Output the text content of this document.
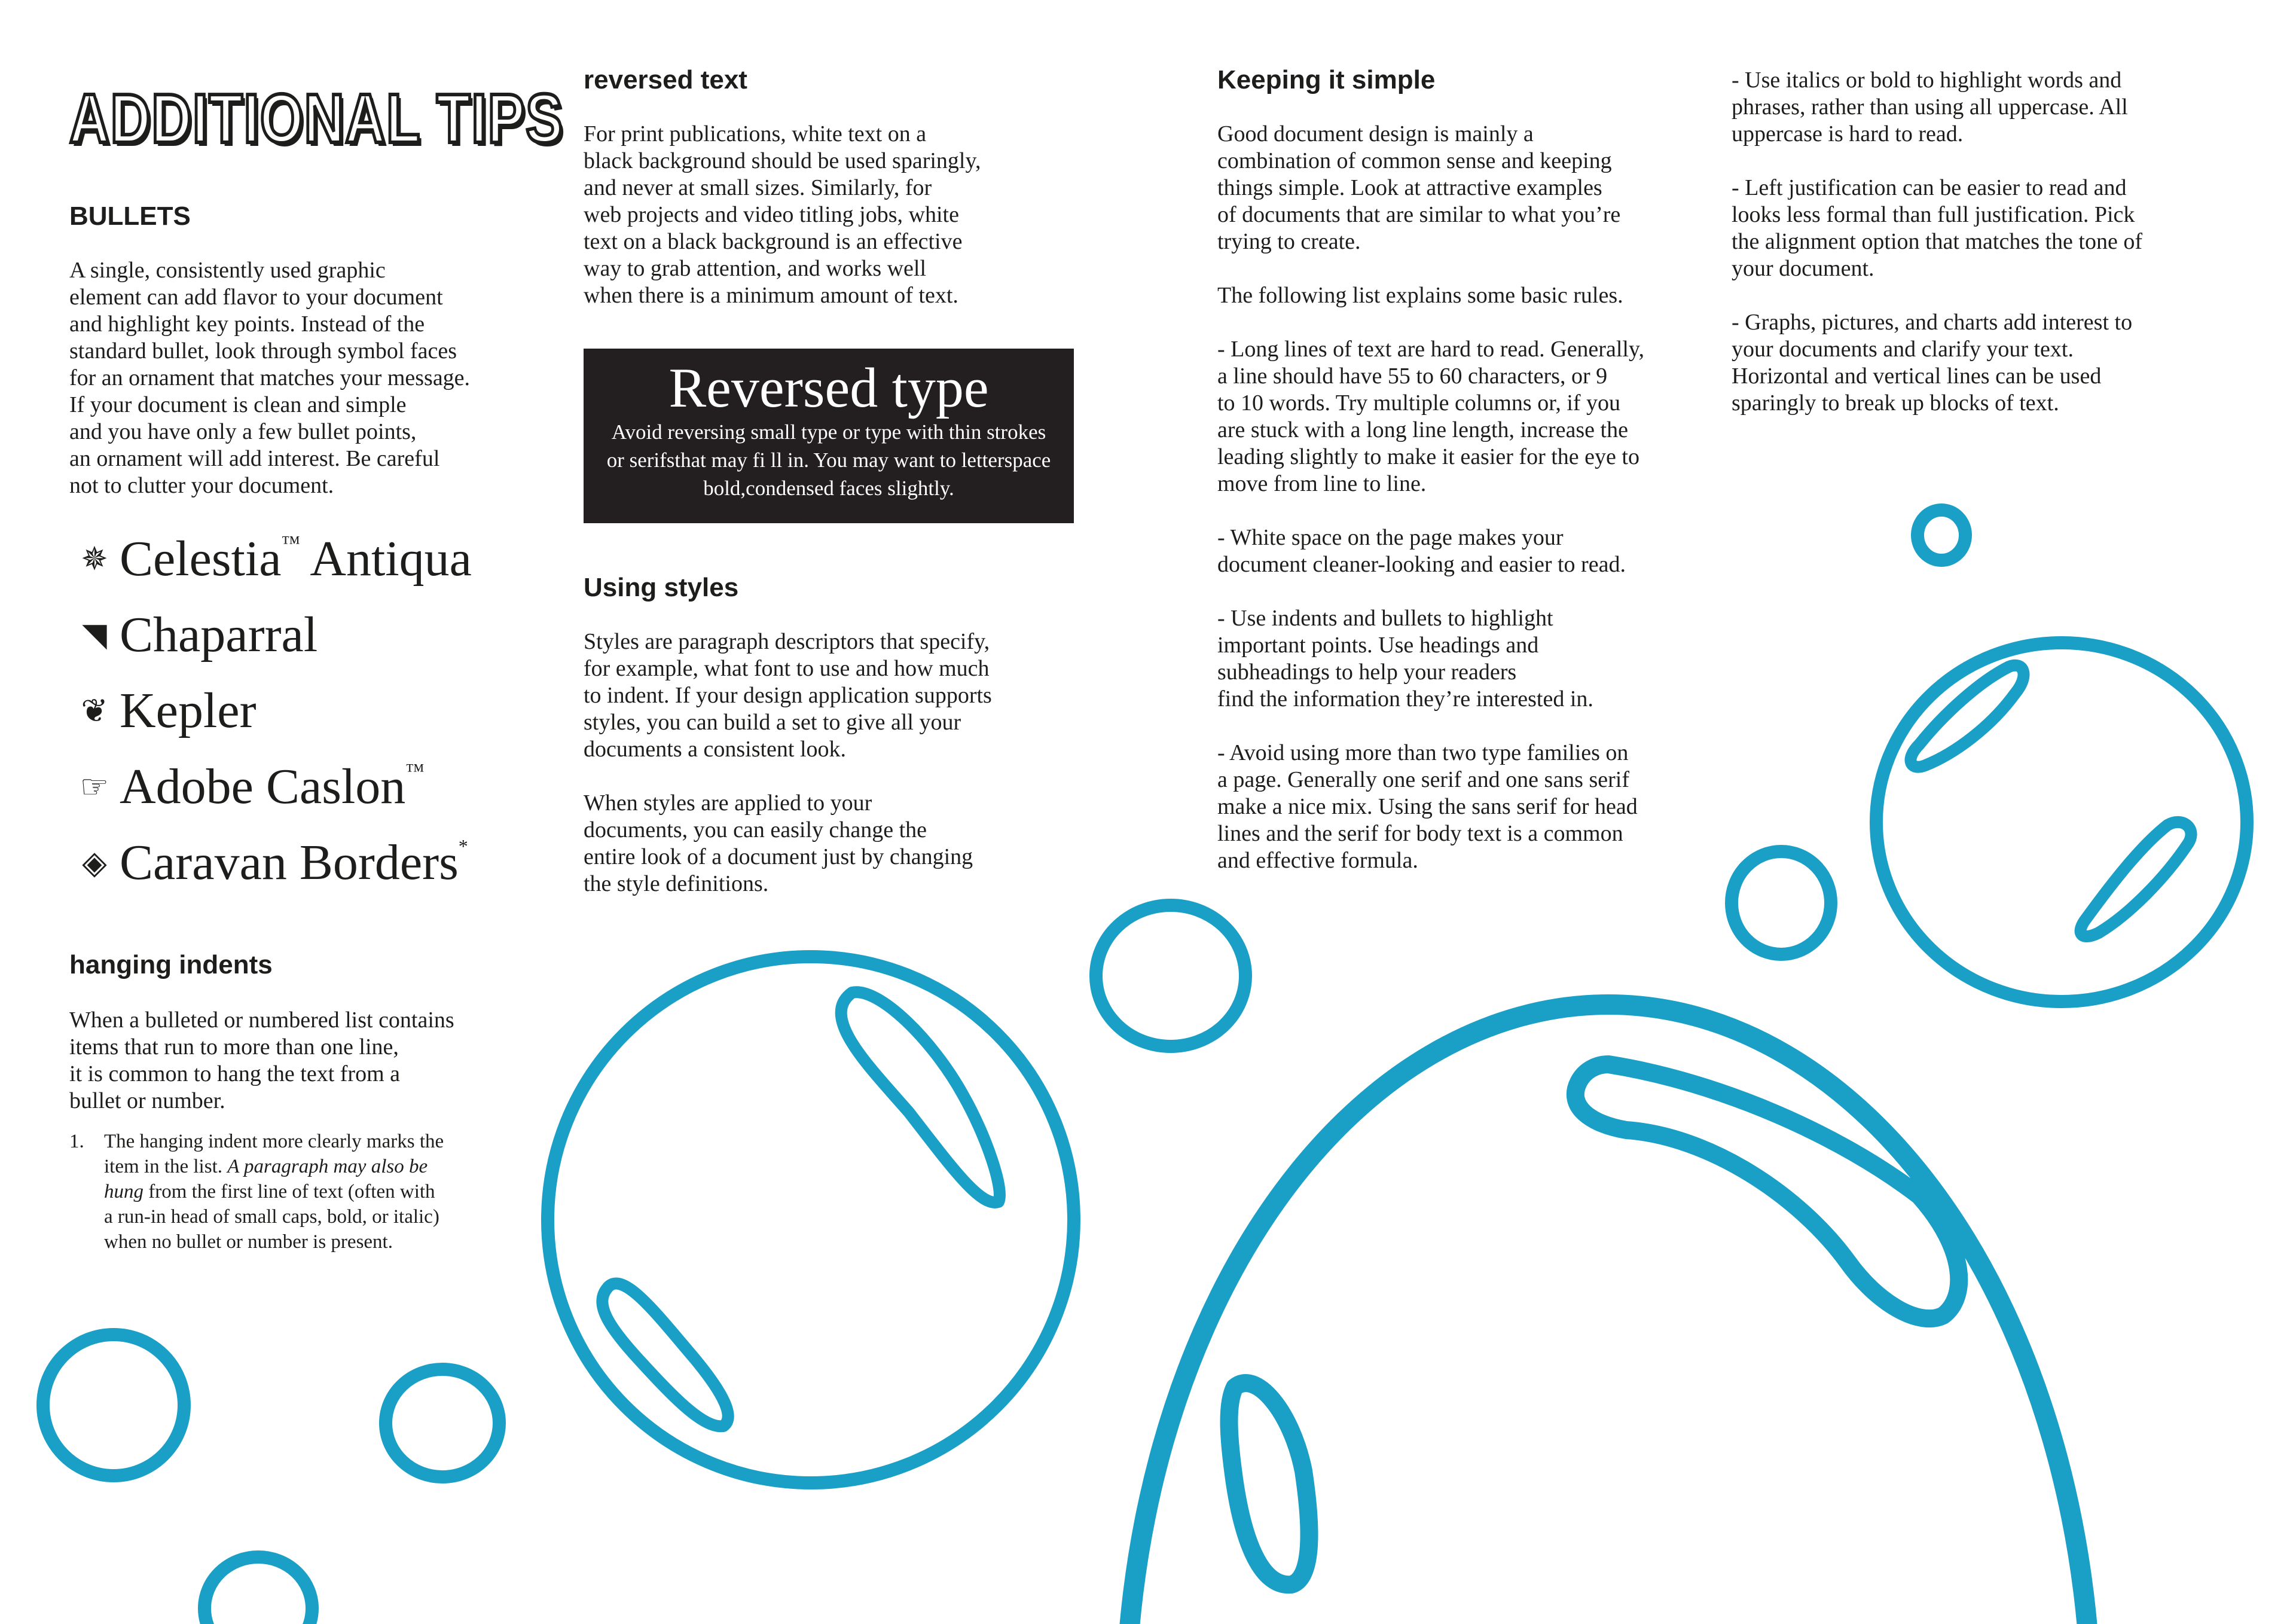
ADDITIONAL TIPS
BULLETS

A single, consistently used graphic
element can add flavor to your document
and highlight key points. Instead of the
standard bullet, look through symbol faces
for an ornament that matches your message.
If your document is clean and simple
and you have only a few bullet points,
an ornament will add interest. Be careful
not to clutter your document.

✵ Celestia™ Antiqua
◥ Chaparral
❦ Kepler
☞ Adobe Caslon™
◈ Caravan Borders*
hanging indents

When a bulleted or numbered list contains
items that run to more than one line,
it is common to hang the text from a
bullet or number.

1.	The hanging indent more clearly marks the
item in the list. A paragraph may also be
hung from the first line of text (often with
a run-in head of small caps, bold, or italic)
when no bullet or number is present.
reversed text

For print publications, white text on a
black background should be used sparingly,
and never at small sizes. Similarly, for
web projects and video titling jobs, white
text on a black background is an effective
way to grab attention, and works well
when there is a minimum amount of text.

Reversed type
Avoid reversing small type or type with thin strokes
or serifsthat may fi ll in. You may want to letterspace
bold,condensed faces slightly.
Using styles

Styles are paragraph descriptors that specify,
for example, what font to use and how much
to indent. If your design application supports
styles, you can build a set to give all your
documents a consistent look.

When styles are applied to your
documents, you can easily change the
entire look of a document just by changing
the style definitions.

Keeping it simple

Good document design is mainly a
combination of common sense and keeping
things simple. Look at attractive examples
of documents that are similar to what you’re
trying to create.

The following list explains some basic rules.

- Long lines of text are hard to read. Generally,
a line should have 55 to 60 characters, or 9
to 10 words. Try multiple columns or, if you
are stuck with a long line length, increase the
leading slightly to make it easier for the eye to
move from line to line.

- White space on the page makes your
document cleaner-looking and easier to read.

- Use indents and bullets to highlight
important points. Use headings and
subheadings to help your readers
find the information they’re interested in.

- Avoid using more than two type families on
a page. Generally one serif and one sans serif
make a nice mix. Using the sans serif for head
lines and the serif for body text is a common
and effective formula.

- Use italics or bold to highlight words and
phrases, rather than using all uppercase. All
uppercase is hard to read.

- Left justification can be easier to read and
looks less formal than full justification. Pick
the alignment option that matches the tone of
your document.

- Graphs, pictures, and charts add interest to
your documents and clarify your text.
Horizontal and vertical lines can be used
sparingly to break up blocks of text.
